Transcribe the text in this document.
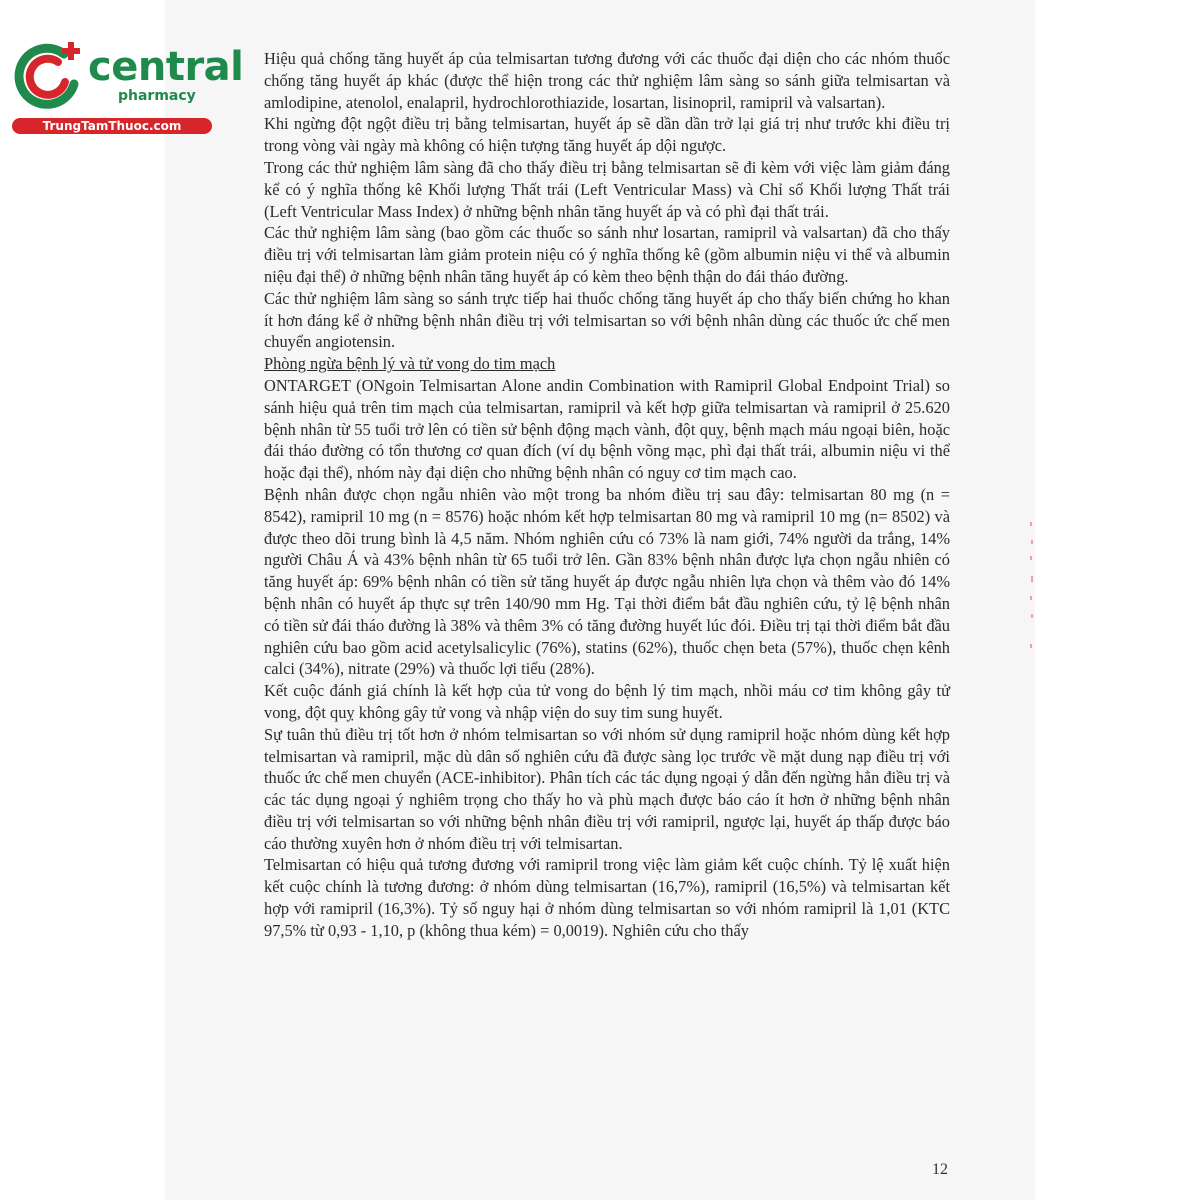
central
pharmacy
TrungTamThuoc.com

Hiệu quả chống tăng huyết áp của telmisartan tương đương với các thuốc đại diện cho các nhóm thuốc chống tăng huyết áp khác (được thể hiện trong các thử nghiệm lâm sàng so sánh giữa telmisartan và amlodipine, atenolol, enalapril, hydrochlorothiazide, losartan, lisinopril, ramipril và valsartan).

Khi ngừng đột ngột điều trị bằng telmisartan, huyết áp sẽ dần dần trở lại giá trị như trước khi điều trị trong vòng vài ngày mà không có hiện tượng tăng huyết áp dội ngược.

Trong các thử nghiệm lâm sàng đã cho thấy điều trị bằng telmisartan sẽ đi kèm với việc làm giảm đáng kể có ý nghĩa thống kê Khối lượng Thất trái (Left Ventricular Mass) và Chỉ số Khối lượng Thất trái (Left Ventricular Mass Index) ở những bệnh nhân tăng huyết áp và có phì đại thất trái.

Các thử nghiệm lâm sàng (bao gồm các thuốc so sánh như losartan, ramipril và valsartan) đã cho thấy điều trị với telmisartan làm giảm protein niệu có ý nghĩa thống kê (gồm albumin niệu vi thể và albumin niệu đại thể) ở những bệnh nhân tăng huyết áp có kèm theo bệnh thận do đái tháo đường.

Các thử nghiệm lâm sàng so sánh trực tiếp hai thuốc chống tăng huyết áp cho thấy biến chứng ho khan ít hơn đáng kể ở những bệnh nhân điều trị với telmisartan so với bệnh nhân dùng các thuốc ức chế men chuyển angiotensin.

Phòng ngừa bệnh lý và tử vong do tim mạch

ONTARGET (ONgoin Telmisartan Alone andin Combination with Ramipril Global Endpoint Trial) so sánh hiệu quả trên tim mạch của telmisartan, ramipril và kết hợp giữa telmisartan và ramipril ở 25.620 bệnh nhân từ 55 tuổi trở lên có tiền sử bệnh động mạch vành, đột quỵ, bệnh mạch máu ngoại biên, hoặc đái tháo đường có tổn thương cơ quan đích (ví dụ bệnh võng mạc, phì đại thất trái, albumin niệu vi thể hoặc đại thể), nhóm này đại diện cho những bệnh nhân có nguy cơ tim mạch cao.

Bệnh nhân được chọn ngẫu nhiên vào một trong ba nhóm điều trị sau đây: telmisartan 80 mg (n = 8542), ramipril 10 mg (n = 8576) hoặc nhóm kết hợp telmisartan 80 mg và ramipril 10 mg (n= 8502) và được theo dõi trung bình là 4,5 năm. Nhóm nghiên cứu có 73% là nam giới, 74% người da trắng, 14% người Châu Á và 43% bệnh nhân từ 65 tuổi trở lên. Gần 83% bệnh nhân được lựa chọn ngẫu nhiên có tăng huyết áp: 69% bệnh nhân có tiền sử tăng huyết áp được ngẫu nhiên lựa chọn và thêm vào đó 14% bệnh nhân có huyết áp thực sự trên 140/90 mm Hg. Tại thời điểm bắt đầu nghiên cứu, tỷ lệ bệnh nhân có tiền sử đái tháo đường là 38% và thêm 3% có tăng đường huyết lúc đói. Điều trị tại thời điểm bắt đầu nghiên cứu bao gồm acid acetylsalicylic (76%), statins (62%), thuốc chẹn beta (57%), thuốc chẹn kênh calci (34%), nitrate (29%) và thuốc lợi tiểu (28%).

Kết cuộc đánh giá chính là kết hợp của tử vong do bệnh lý tim mạch, nhồi máu cơ tim không gây tử vong, đột quỵ không gây tử vong và nhập viện do suy tim sung huyết.

Sự tuân thủ điều trị tốt hơn ở nhóm telmisartan so với nhóm sử dụng ramipril hoặc nhóm dùng kết hợp telmisartan và ramipril, mặc dù dân số nghiên cứu đã được sàng lọc trước về mặt dung nạp điều trị với thuốc ức chế men chuyển (ACE-inhibitor). Phân tích các tác dụng ngoại ý dẫn đến ngừng hẳn điều trị và các tác dụng ngoại ý nghiêm trọng cho thấy ho và phù mạch được báo cáo ít hơn ở những bệnh nhân điều trị với telmisartan so với những bệnh nhân điều trị với ramipril, ngược lại, huyết áp thấp được báo cáo thường xuyên hơn ở nhóm điều trị với telmisartan.

Telmisartan có hiệu quả tương đương với ramipril trong việc làm giảm kết cuộc chính. Tỷ lệ xuất hiện kết cuộc chính là tương đương: ở nhóm dùng telmisartan (16,7%), ramipril (16,5%) và telmisartan kết hợp với ramipril (16,3%). Tỷ số nguy hại ở nhóm dùng telmisartan so với nhóm ramipril là 1,01 (KTC 97,5% từ 0,93 - 1,10, p (không thua kém) = 0,0019). Nghiên cứu cho thấy

12
